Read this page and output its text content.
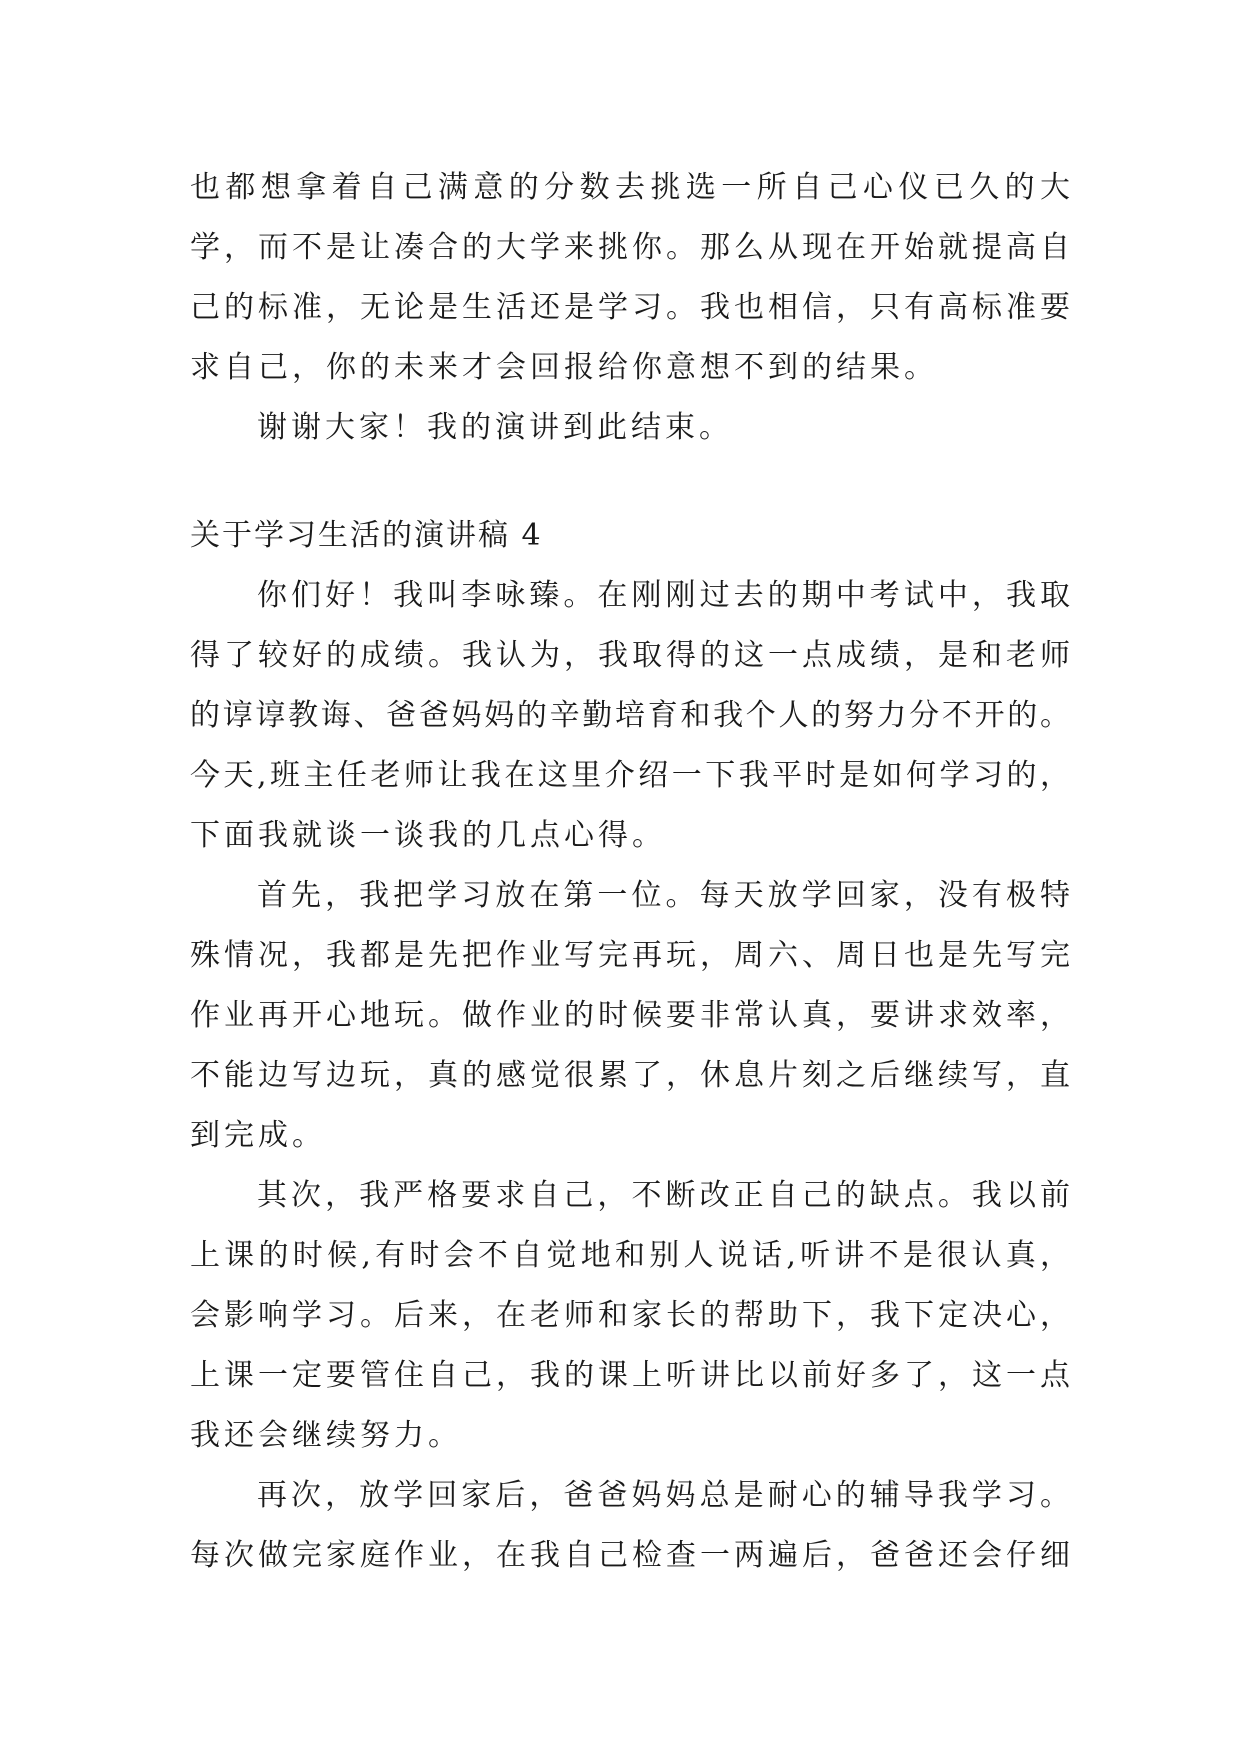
也都想拿着自己满意的分数去挑选一所自己心仪已久的大
学，而不是让凑合的大学来挑你。那么从现在开始就提高自
己的标准，无论是生活还是学习。我也相信，只有高标准要
求自己，你的未来才会回报给你意想不到的结果。
谢谢大家！我的演讲到此结束。
关于学习生活的演讲稿 4
你们好！我叫李咏臻。在刚刚过去的期中考试中，我取
得了较好的成绩。我认为，我取得的这一点成绩，是和老师
的谆谆教诲、爸爸妈妈的辛勤培育和我个人的努力分不开的。
今天,班主任老师让我在这里介绍一下我平时是如何学习的，
下面我就谈一谈我的几点心得。
首先，我把学习放在第一位。每天放学回家，没有极特
殊情况，我都是先把作业写完再玩，周六、周日也是先写完
作业再开心地玩。做作业的时候要非常认真，要讲求效率，
不能边写边玩，真的感觉很累了，休息片刻之后继续写，直
到完成。
其次，我严格要求自己，不断改正自己的缺点。我以前
上课的时候,有时会不自觉地和别人说话,听讲不是很认真，
会影响学习。后来，在老师和家长的帮助下，我下定决心，
上课一定要管住自己，我的课上听讲比以前好多了，这一点
我还会继续努力。
再次，放学回家后，爸爸妈妈总是耐心的辅导我学习。
每次做完家庭作业，在我自己检查一两遍后，爸爸还会仔细
